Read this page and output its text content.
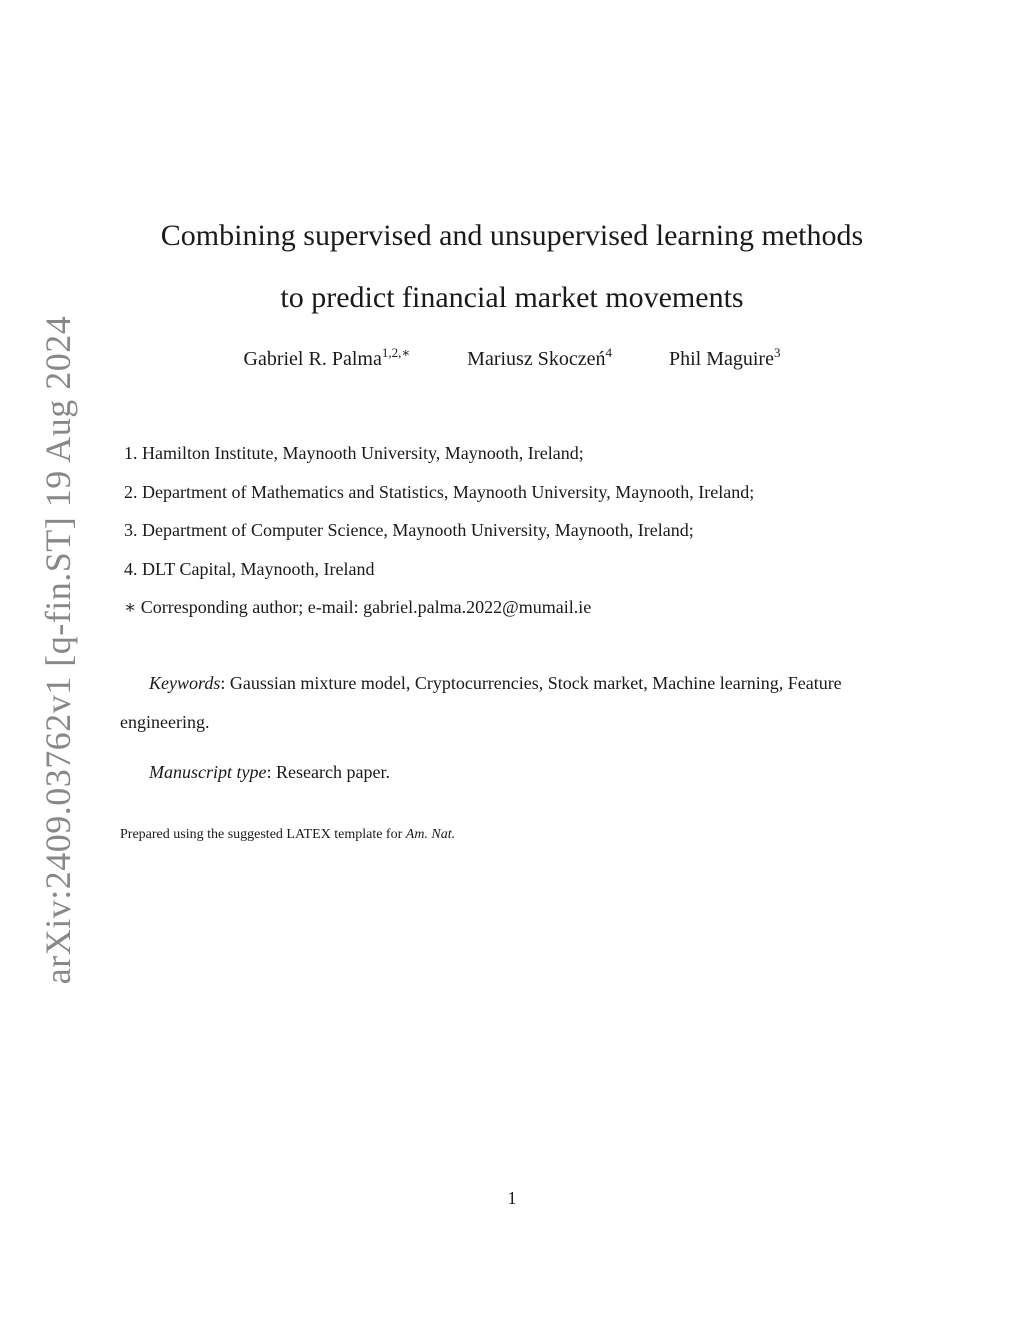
arXiv:2409.03762v1 [q-fin.ST] 19 Aug 2024
Combining supervised and unsupervised learning methods
to predict financial market movements
Gabriel R. Palma$^{1,2,∗}$	Mariusz Skoczeń$^4$	Phil Maguire$^3$
1. Hamilton Institute, Maynooth University, Maynooth, Ireland;
2. Department of Mathematics and Statistics, Maynooth University, Maynooth, Ireland;
3. Department of Computer Science, Maynooth University, Maynooth, Ireland;
4. DLT Capital, Maynooth, Ireland
∗ Corresponding author; e-mail: gabriel.palma.2022@mumail.ie
Keywords: Gaussian mixture model, Cryptocurrencies, Stock market, Machine learning, Feature engineering.
Manuscript type: Research paper.
Prepared using the suggested LATEX template for Am. Nat.
1
